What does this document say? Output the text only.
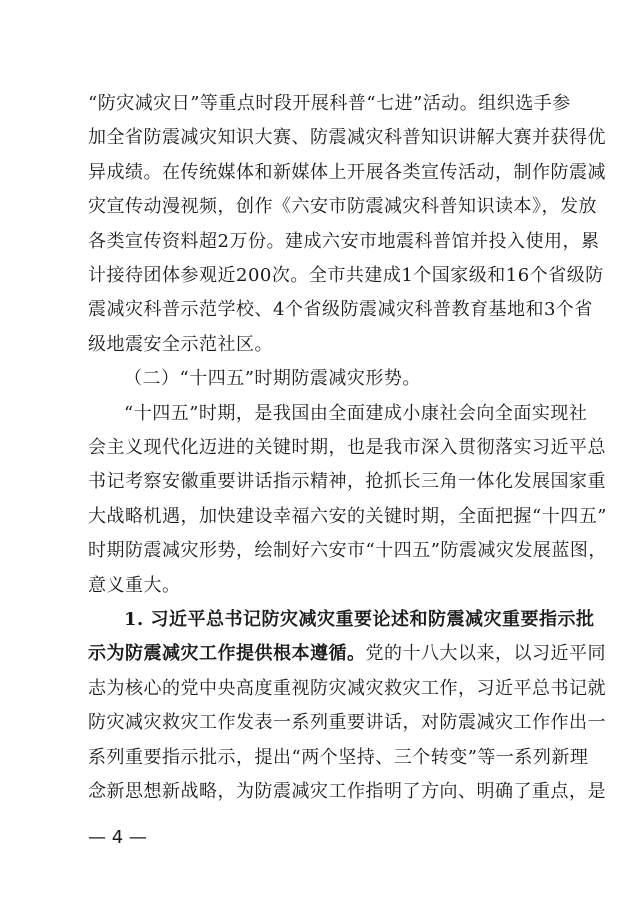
“防灾减灾日”等重点时段开展科普“七进”活动。组织选手参
加全省防震减灾知识大赛、防震减灾科普知识讲解大赛并获得优
异成绩。在传统媒体和新媒体上开展各类宣传活动，制作防震减
灾宣传动漫视频，创作《六安市防震减灾科普知识读本》，发放
各类宣传资料超2万份。建成六安市地震科普馆并投入使用，累
计接待团体参观近200次。全市共建成1个国家级和16个省级防
震减灾科普示范学校、4个省级防震减灾科普教育基地和3个省
级地震安全示范社区。
（二）“十四五”时期防震减灾形势。
“十四五”时期，是我国由全面建成小康社会向全面实现社
会主义现代化迈进的关键时期，也是我市深入贯彻落实习近平总
书记考察安徽重要讲话指示精神，抢抓长三角一体化发展国家重
大战略机遇，加快建设幸福六安的关键时期，全面把握“十四五”
时期防震减灾形势，绘制好六安市“十四五”防震减灾发展蓝图，
意义重大。
1. 习近平总书记防灾减灾重要论述和防震减灾重要指示批
示为防震减灾工作提供根本遵循。党的十八大以来，以习近平同
— 4 —
志为核心的党中央高度重视防灾减灾救灾工作，习近平总书记就
防灾减灾救灾工作发表一系列重要讲话，对防震减灾工作作出一
系列重要指示批示，提出“两个坚持、三个转变”等一系列新理
念新思想新战略，为防震减灾工作指明了方向、明确了重点，是
